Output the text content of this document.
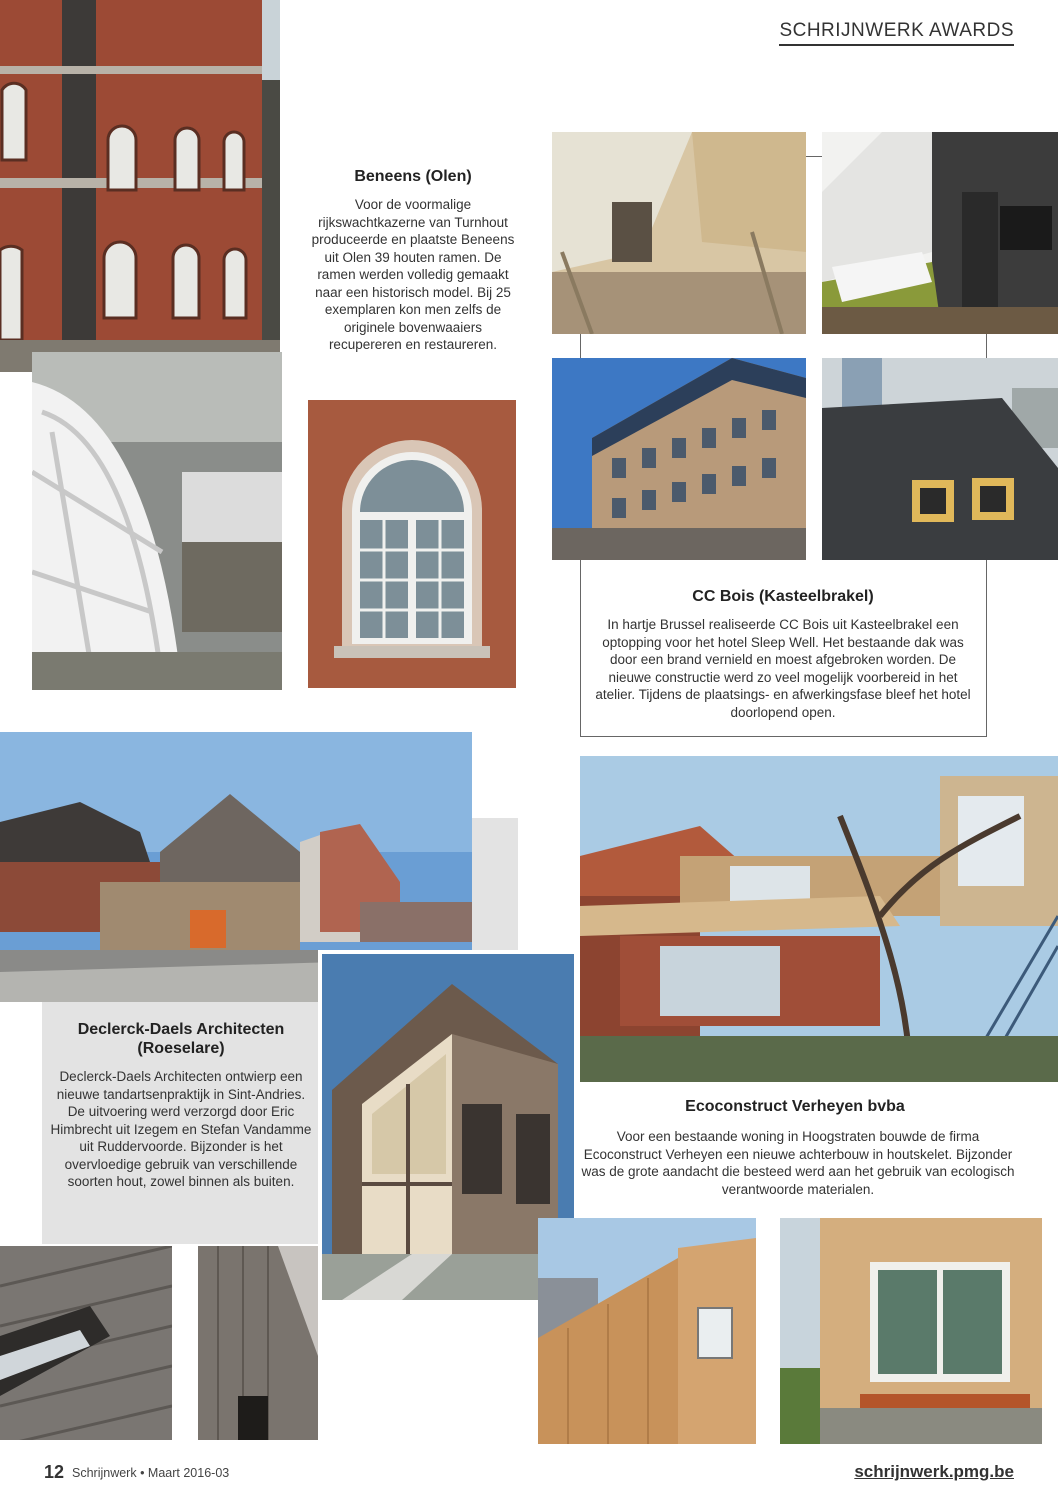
SCHRIJNWERK AWARDS
Beneens (Olen)
Voor de voormalige rijkswachtkazerne van Turnhout produceerde en plaatste Beneens uit Olen 39 houten ramen. De ramen werden volledig gemaakt naar een historisch model. Bij 25 exemplaren kon men zelfs de originele bovenwaaiers recupereren en restaureren.
CC Bois (Kasteelbrakel)
In hartje Brussel realiseerde CC Bois uit Kasteelbrakel een optopping voor het hotel Sleep Well. Het bestaande dak was door een brand vernield en moest afgebroken worden. De nieuwe constructie werd zo veel mogelijk voorbereid in het atelier. Tijdens de plaatsings- en afwerkingsfase bleef het hotel doorlopend open.
Declerck-Daels Architecten (Roeselare)
Declerck-Daels Architecten ontwierp een nieuwe tandartsenpraktijk in Sint-Andries. De uitvoering werd verzorgd door Eric Himbrecht uit Izegem en Stefan Vandamme uit Ruddervoorde. Bijzonder is het overvloedige gebruik van verschillende soorten hout, zowel binnen als buiten.
Ecoconstruct Verheyen bvba
Voor een bestaande woning in Hoogstraten bouwde de firma Ecoconstruct Verheyen een nieuwe achterbouw in houtskelet. Bijzonder was de grote aandacht die besteed werd aan het gebruik van ecologisch verantwoorde materialen.
12 Schrijnwerk • Maart 2016-03	schrijnwerk.pmg.be
